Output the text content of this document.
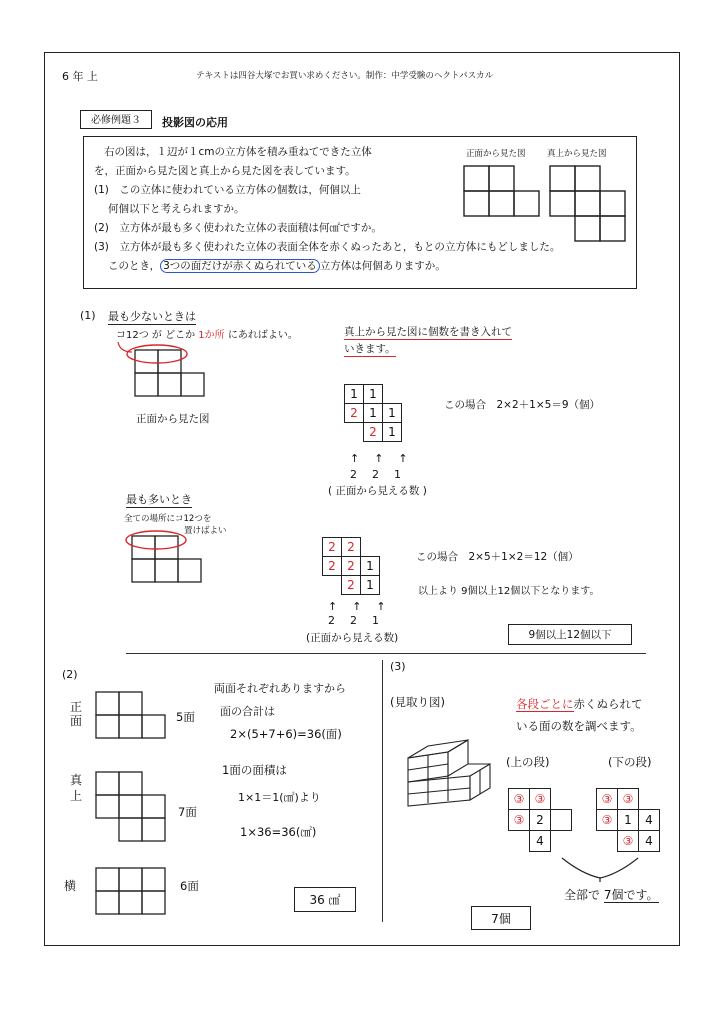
6 年 上	テキストは四谷大塚でお買い求めください。制作：中学受験のヘクトパスカル
必修例題３	投影図の応用
右の図は，１辺が１cmの立方体を積み重ねてできた立体
を，正面から見た図と真上から見た図を表しています。
(1)　この立体に使われている立方体の個数は，何個以上
何個以下と考えられますか。
(2)　立方体が最も多く使われた立体の表面積は何㎠ですか。
(3)　立方体が最も多く使われた立体の表面全体を赤くぬったあと，もとの立方体にもどしました。
このとき， 3つの面だけが赤くぬられている 立方体は何個ありますか。
正面から見た図	真上から見た図
(1) 最も少ないときは
コ12つ が どこか 1か所 にあればよい。	真上から見た図に個数を書き入れて
いきます。
正面から見た図
1	1	
2	1	1
	2	1
↑　↑　↑
2　2　1
( 正面から見える数 )
この場合　2×2＋1×5＝9（個）
最も多いとき
全ての場所にコ12つを
置けばよい
2	2	
2	2	1
	2	1
↑　↑　↑
2　2　1
(正面から見える数)
この場合　2×5＋1×2＝12（個）
以上より 9個以上12個以下となります。
9個以上12個以下
(2)
正面	5面
真上
7面
横	6面
両面それぞれありますから
面の合計は
2×(5+7+6)=36(面)
1面の面積は
1×1＝1(㎠)より
1×36=36(㎠)
36 ㎠
(3)
(見取り図)	各段ごとに赤くぬられて
いる面の数を調べます。
(上の段)	(下の段)
③	③	
③	2	
	4	
③	③	
③	1	4
	③	4
全部で 7個です。
7個
